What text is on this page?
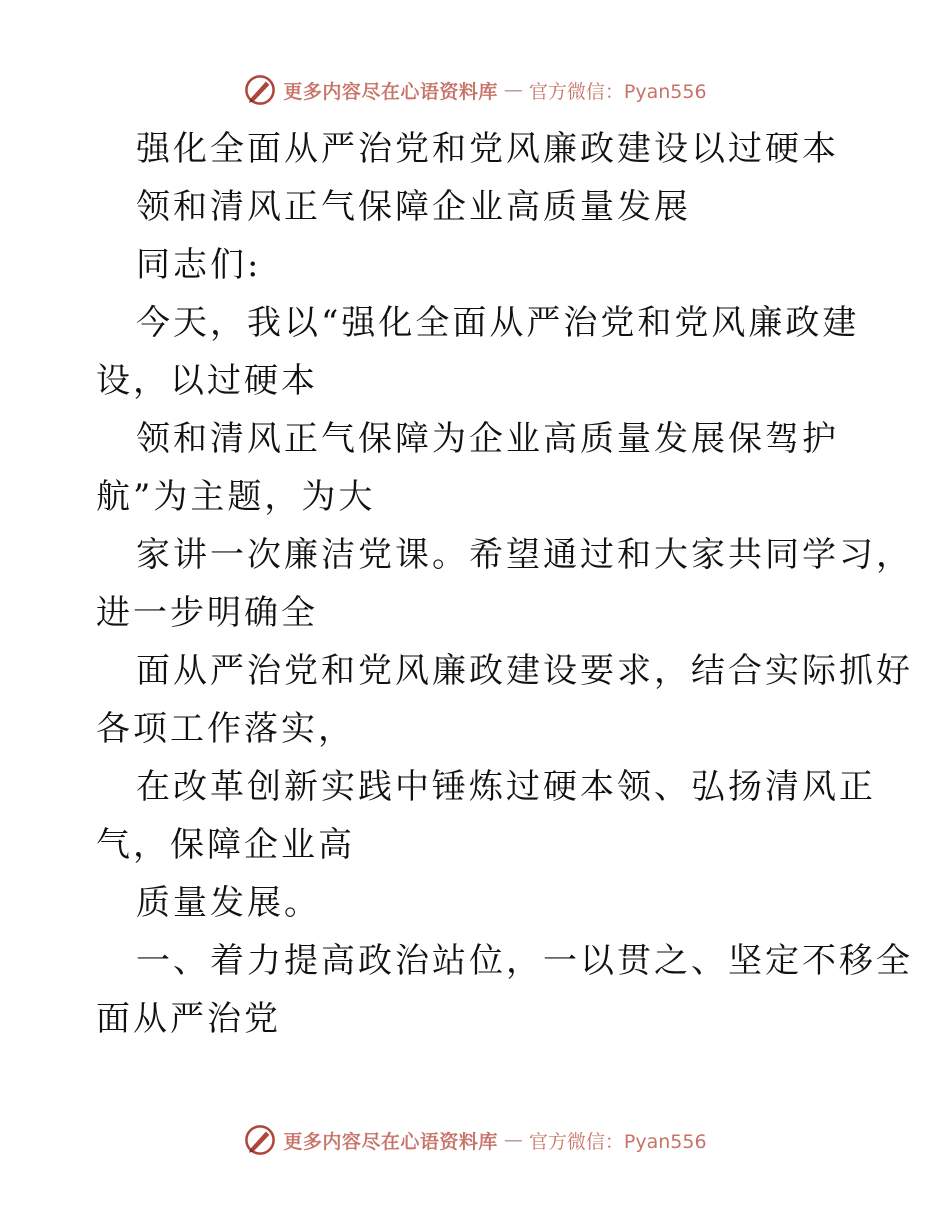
更多内容尽在心语资料库 — 官方微信：Pyan556
强化全面从严治党和党风廉政建设以过硬本
领和清风正气保障企业高质量发展
同志们:
今天，我以“强化全面从严治党和党风廉政建
设，以过硬本
领和清风正气保障为企业高质量发展保驾护
航”为主题，为大
家讲一次廉洁党课。希望通过和大家共同学习，
进一步明确全
面从严治党和党风廉政建设要求，结合实际抓好
各项工作落实，
在改革创新实践中锤炼过硬本领、弘扬清风正
气，保障企业高
质量发展。
一、着力提高政治站位，一以贯之、坚定不移全
面从严治党
更多内容尽在心语资料库 — 官方微信：Pyan556
